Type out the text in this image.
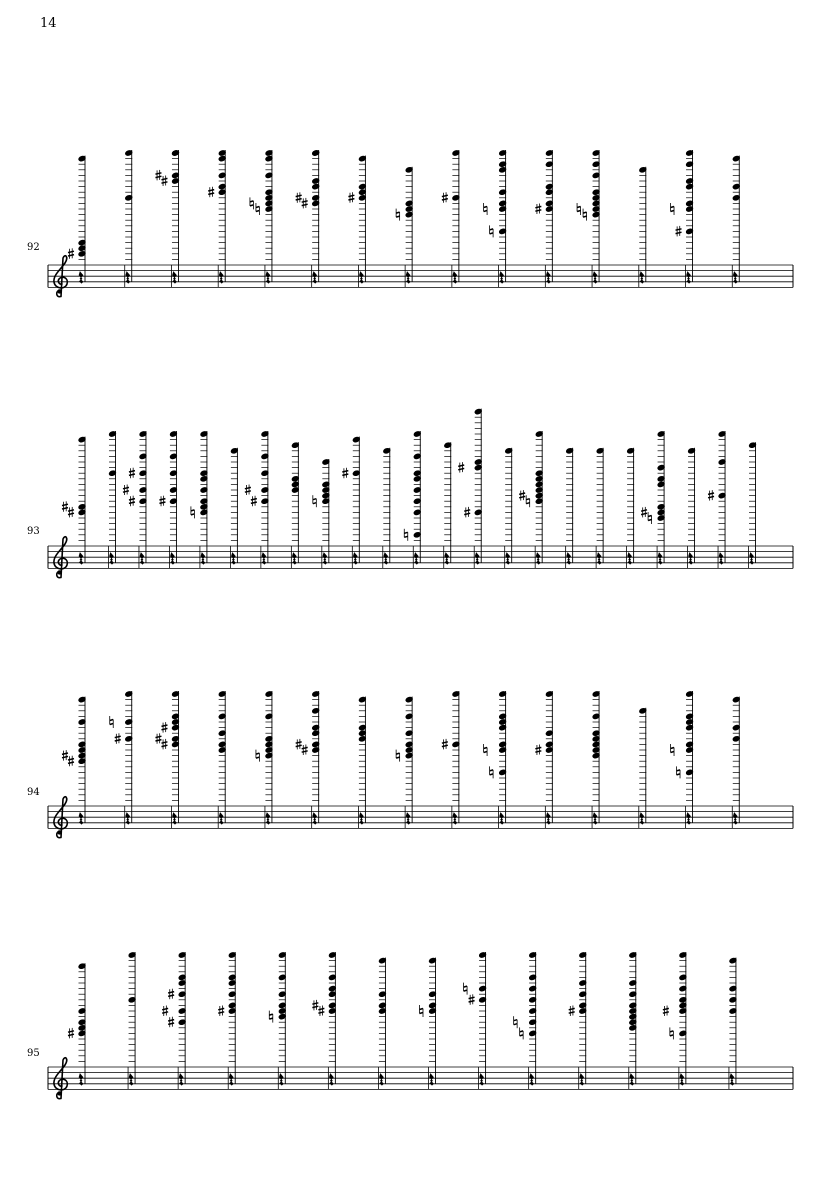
14
92
93
94
95
